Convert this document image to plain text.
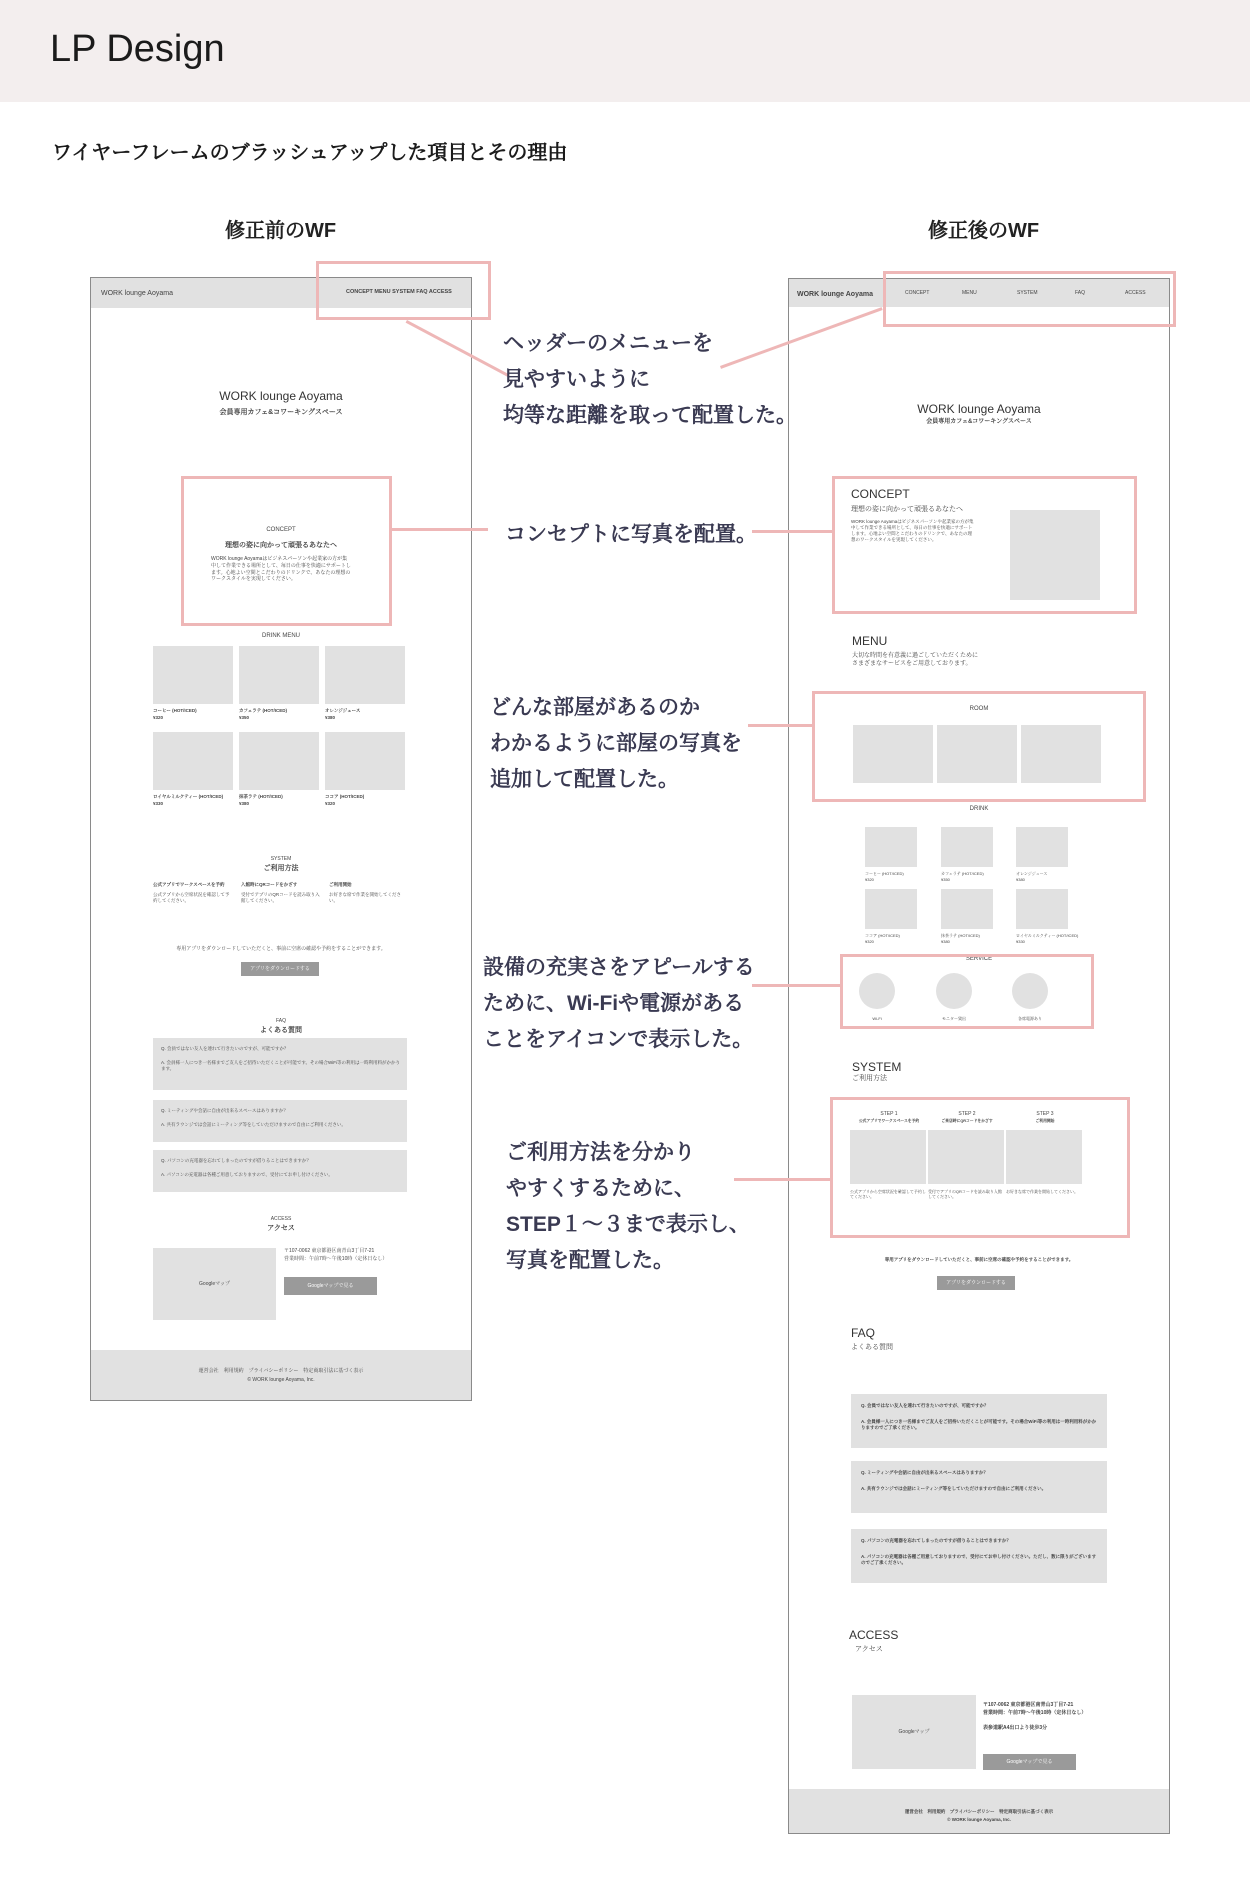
LP Design
ワイヤーフレームのブラッシュアップした項目とその理由
修正前のWF	修正後のWF
WORK lounge Aoyama	CONCEPT MENU SYSTEM FAQ ACCESS
WORK lounge Aoyama
会員専用カフェ&コワーキングスペース
CONCEPT
理想の姿に向かって頑張るあなたへ
WORK lounge Aoyamaはビジネスパーソンや起業家の方が集中して作業できる場所として、毎日の仕事を快適にサポートします。心地よい空間とこだわりのドリンクで、あなたの理想のワークスタイルを実現してください。
DRINK MENU
コーヒー (HOT/ICED)
¥320
カフェラテ (HOT/ICED)
¥350
オレンジジュース
¥380
ロイヤルミルクティー (HOT/ICED)
¥330
抹茶ラテ (HOT/ICED)
¥380
ココア (HOT/ICED)
¥320
SYSTEM
ご利用方法
公式アプリでワークスペースを予約
公式アプリから空席状況を確認して予約してください。
入館時にQRコードをかざす
受付でアプリのQRコードを読み取り入館してください。
ご利用開始
お好きな席で作業を開始してください。
専用アプリをダウンロードしていただくと、事前に空席の確認や予約をすることができます。
アプリをダウンロードする
FAQ
よくある質問
Q. 会員ではない友人を連れて行きたいのですが、可能ですか？
A. 会員様一人につき一名様までご友人をご招待いただくことが可能です。その場合WiFi等の利用は一時利用料がかかります。
Q. ミーティングや会話に自由が出来るスペースはありますか？
A. 共有ラウンジでは会話にミーティング等をしていただけますので自由にご利用ください。
Q. パソコンの充電器を忘れてしまったのですが借りることはできますか？
A. パソコンの充電器は各種ご用意しておりますので、受付にてお申し付けください。
ACCESS
アクセス
Googleマップ
〒107-0062 東京都港区南青山3丁目7-21
営業時間：午前7時〜午後10時（定休日なし）
Googleマップで見る
運営会社　利用規約　プライバシーポリシー　特定商取引法に基づく表示
© WORK lounge Aoyama, Inc.
WORK lounge Aoyama	CONCEPT	MENU	SYSTEM	FAQ	ACCESS
WORK lounge Aoyama
会員専用カフェ&コワーキングスペース
CONCEPT
理想の姿に向かって頑張るあなたへ
WORK lounge Aoyamaはビジネスパーソンや起業家の方が集中して作業できる場所として、毎日の仕事を快適にサポートします。心地よい空間とこだわりのドリンクで、あなたの理想のワークスタイルを実現してください。
MENU
大切な時間を有意義に過ごしていただくために
さまざまなサービスをご用意しております。
ROOM
DRINK
コーヒー (HOT/ICED)
¥320
カフェラテ (HOT/ICED)
¥350
オレンジジュース
¥380
ココア (HOT/ICED)
¥320
抹茶ラテ (HOT/ICED)
¥380
ロイヤルミルクティー (HOT/ICED)
¥330
SERVICE
Wi-Fi	モニター貸出	各席電源あり
SYSTEM
ご利用方法
STEP 1
公式アプリでワークスペースを予約
公式アプリから空席状況を確認して予約してください。
STEP 2
ご来店時にQRコードをかざす
受付でアプリのQRコードを読み取り入館してください。
STEP 3
ご利用開始
お好きな席で作業を開始してください。
専用アプリをダウンロードしていただくと、事前に空席の確認や予約をすることができます。
アプリをダウンロードする
FAQ
よくある質問
Q. 会員ではない友人を連れて行きたいのですが、可能ですか？
A. 会員様一人につき一名様までご友人をご招待いただくことが可能です。その場合WiFi等の利用は一時利用料がかかりますのでご了承ください。
Q. ミーティングや会話に自由が出来るスペースはありますか？
A. 共有ラウンジでは会話にミーティング等をしていただけますので自由にご利用ください。
Q. パソコンの充電器を忘れてしまったのですが借りることはできますか？
A. パソコンの充電器は各種ご用意しておりますので、受付にてお申し付けください。ただし、数に限りがございますのでご了承ください。
ACCESS
アクセス
Googleマップ
〒107-0062 東京都港区南青山3丁目7-21
営業時間：午前7時〜午後10時（定休日なし）
表参道駅A4出口より徒歩3分
Googleマップで見る
運営会社　利用規約　プライバシーポリシー　特定商取引法に基づく表示
© WORK lounge Aoyama, Inc.
ヘッダーのメニューを
見やすいように
均等な距離を取って配置した。
コンセプトに写真を配置。
どんな部屋があるのか
わかるように部屋の写真を
追加して配置した。
設備の充実さをアピールする
ために、Wi-Fiや電源がある
ことをアイコンで表示した。
ご利用方法を分かり
やすくするために、
STEP１〜３まで表示し、
写真を配置した。
